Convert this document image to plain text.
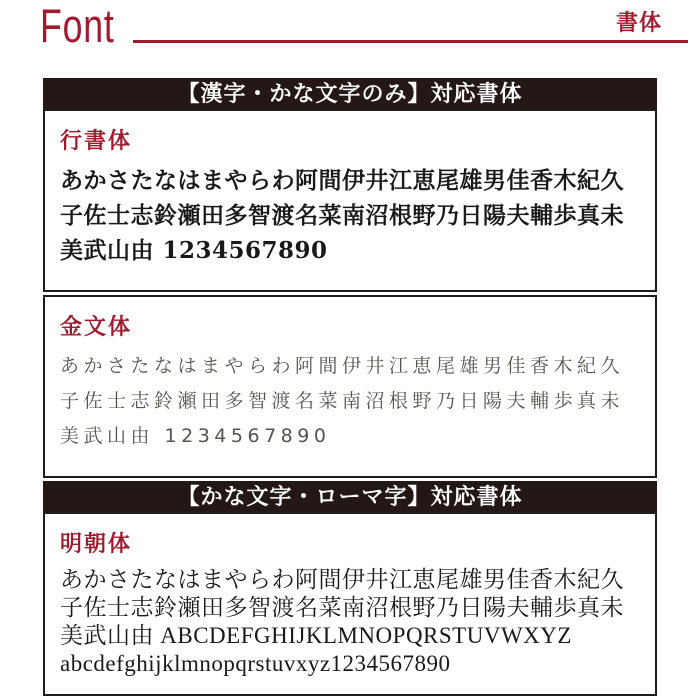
Font	書体
【漢字・かな文字のみ】対応書体
行書体
あかさたなはまやらわ阿間伊井江恵尾雄男佳香木紀久
子佐士志鈴瀬田多智渡名菜南沼根野乃日陽夫輔歩真未
美武山由 1234567890
金文体
あかさたなはまやらわ阿間伊井江恵尾雄男佳香木紀久
子佐士志鈴瀬田多智渡名菜南沼根野乃日陽夫輔歩真未
美武山由 1234567890
【かな文字・ローマ字】対応書体
明朝体
あかさたなはまやらわ阿間伊井江恵尾雄男佳香木紀久
子佐士志鈴瀬田多智渡名菜南沼根野乃日陽夫輔歩真未
美武山由 ABCDEFGHIJKLMNOPQRSTUVWXYZ
abcdefghijklmnopqrstuvxyz1234567890
